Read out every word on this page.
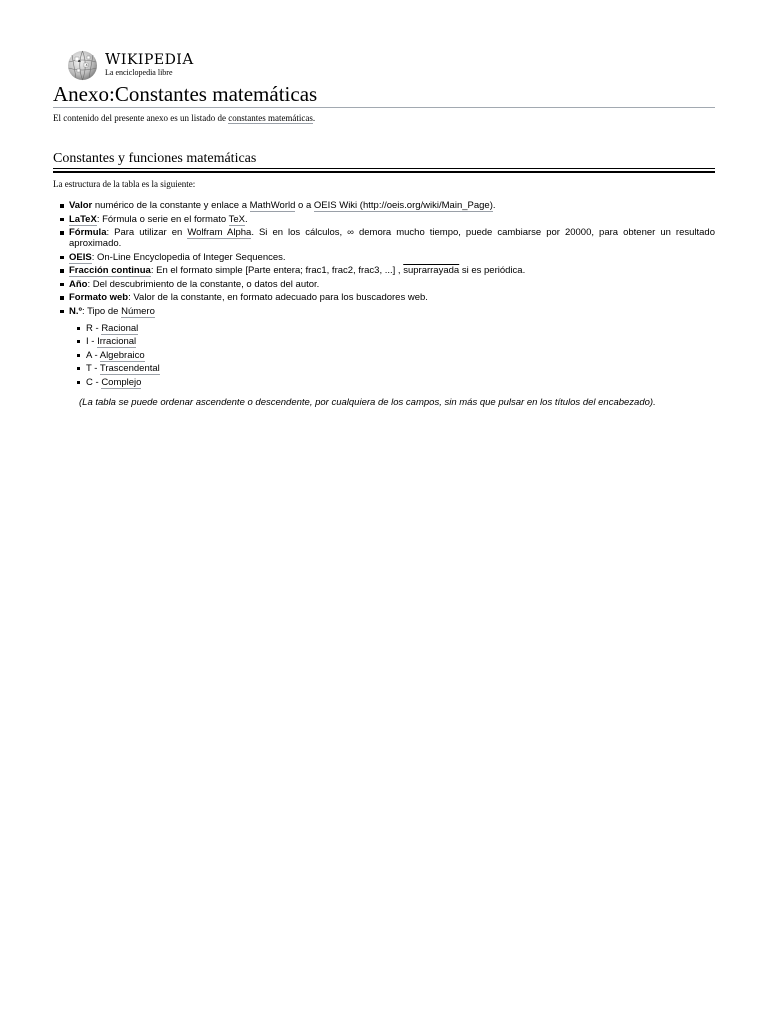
WIKIPEDIA
La enciclopedia libre
Anexo:Constantes matemáticas

El contenido del presente anexo es un listado de constantes matemáticas.

Constantes y funciones matemáticas

La estructura de la tabla es la siguiente:

Valor numérico de la constante y enlace a MathWorld o a OEIS Wiki (http://oeis.org/wiki/Main_Page).
LaTeX: Fórmula o serie en el formato TeX.
Fórmula: Para utilizar en Wolfram Alpha. Si en los cálculos, ∞ demora mucho tiempo, puede cambiarse por 20000, para obtener un resultado aproximado.
OEIS: On-Line Encyclopedia of Integer Sequences.
Fracción continua: En el formato simple [Parte entera; frac1, frac2, frac3, ...] , suprarrayada si es periódica.
Año: Del descubrimiento de la constante, o datos del autor.
Formato web: Valor de la constante, en formato adecuado para los buscadores web.
N.º: Tipo de Número
R - Racional
I - Irracional
A - Algebraico
T - Trascendental
C - Complejo

(La tabla se puede ordenar ascendente o descendente, por cualquiera de los campos, sin más que pulsar en los títulos del encabezado).
